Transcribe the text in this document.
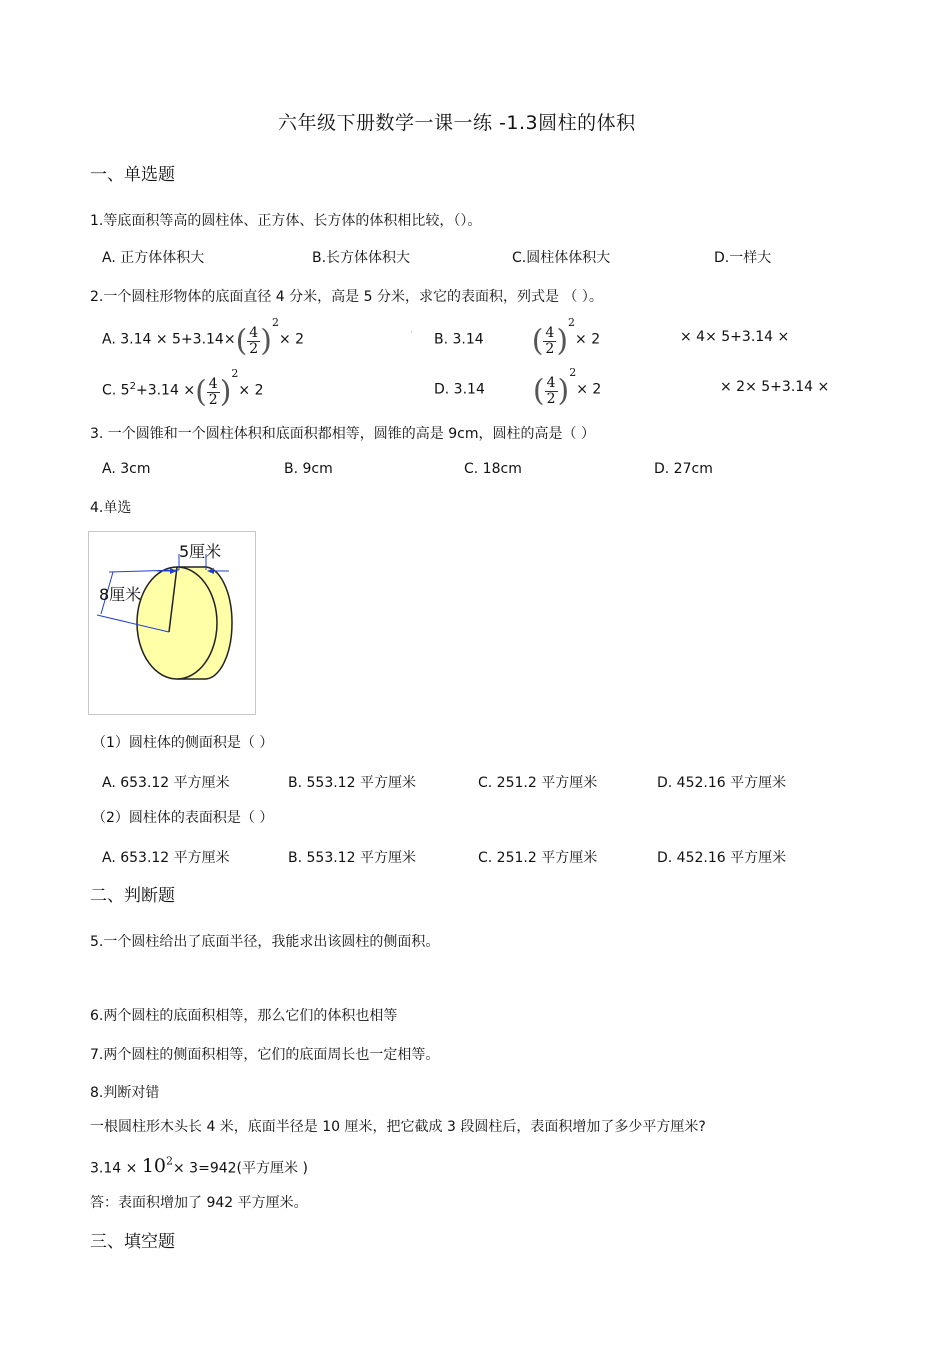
六年级下册数学一课一练 -1.3圆柱的体积
一、单选题
1.等底面积等高的圆柱体、正方体、长方体的体积相比较，（）。
A. 正方体体积大	B.长方体体积大	C.圆柱体体积大	D.一样大
2.一个圆柱形物体的底面直径 4 分米，高是 5 分米，求它的表面积，列式是 （ ）。
A. $3.14 \times 5+3.14\times( \frac{4}{2} )^2\times 2$	' B. 3.14 ( $\frac{4}{2} )^2\times 2$	× 4× 5+3.14 ×
C. $5^2+3.14$ ×( $\frac{4}{2} )^2\times 2$	D. 3.14 ( $\frac{4}{2} )^2\times 2$	× 2× 5+3.14 ×
3. 一个圆锥和一个圆柱体积和底面积都相等，圆锥的高是 9cm，圆柱的高是（ ）
A. 3cm	B. 9cm	C. 18cm	D. 27cm
4.单选
5厘米
8厘米
（1）圆柱体的侧面积是（ ）
A. 653.12 平方厘米	B. 553.12 平方厘米	C. 251.2 平方厘米	D. 452.16 平方厘米
（2）圆柱体的表面积是（ ）
A. 653.12 平方厘米	B. 553.12 平方厘米	C. 251.2 平方厘米	D. 452.16 平方厘米
二、判断题
5.一个圆柱给出了底面半径，我能求出该圆柱的侧面积。
6.两个圆柱的底面积相等，那么它们的体积也相等
7.两个圆柱的侧面积相等，它们的底面周长也一定相等。
8.判断对错
一根圆柱形木头长 4 米，底面半径是 10 厘米，把它截成 3 段圆柱后，表面积增加了多少平方厘米?
$3.14 \times 10^2\times 3=942$(平方厘米 )
答：表面积增加了 942 平方厘米。
三、填空题
